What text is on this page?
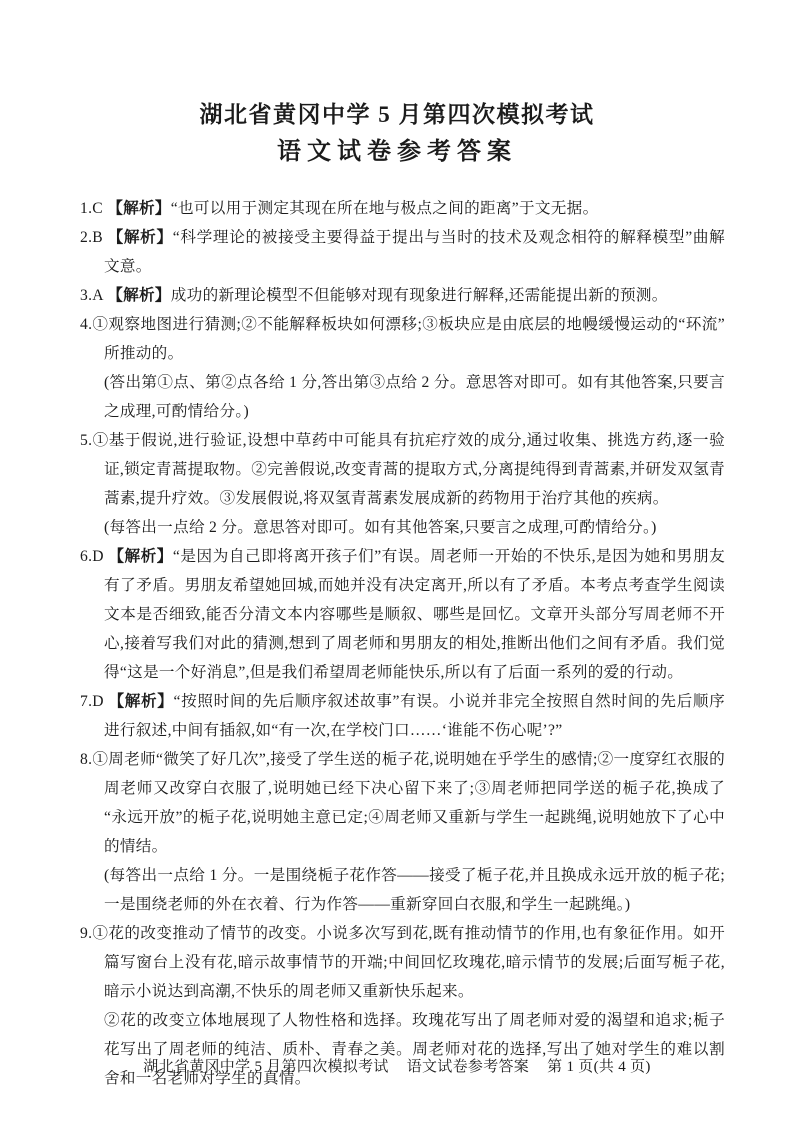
湖北省黄冈中学 5 月第四次模拟考试
语文试卷参考答案

1.C 【解析】“也可以用于测定其现在所在地与极点之间的距离”于文无据。

2.B 【解析】“科学理论的被接受主要得益于提出与当时的技术及观念相符的解释模型”曲解文意。

3.A 【解析】成功的新理论模型不但能够对现有现象进行解释,还需能提出新的预测。

4.①观察地图进行猜测;②不能解释板块如何漂移;③板块应是由底层的地幔缓慢运动的“环流”所推动的。

(答出第①点、第②点各给 1 分,答出第③点给 2 分。意思答对即可。如有其他答案,只要言之成理,可酌情给分。)

5.①基于假说,进行验证,设想中草药中可能具有抗疟疗效的成分,通过收集、挑选方药,逐一验证,锁定青蒿提取物。②完善假说,改变青蒿的提取方式,分离提纯得到青蒿素,并研发双氢青蒿素,提升疗效。③发展假说,将双氢青蒿素发展成新的药物用于治疗其他的疾病。

(每答出一点给 2 分。意思答对即可。如有其他答案,只要言之成理,可酌情给分。)

6.D 【解析】“是因为自己即将离开孩子们”有误。周老师一开始的不快乐,是因为她和男朋友有了矛盾。男朋友希望她回城,而她并没有决定离开,所以有了矛盾。本考点考查学生阅读文本是否细致,能否分清文本内容哪些是顺叙、哪些是回忆。文章开头部分写周老师不开心,接着写我们对此的猜测,想到了周老师和男朋友的相处,推断出他们之间有矛盾。我们觉得“这是一个好消息”,但是我们希望周老师能快乐,所以有了后面一系列的爱的行动。

7.D 【解析】“按照时间的先后顺序叙述故事”有误。小说并非完全按照自然时间的先后顺序进行叙述,中间有插叙,如“有一次,在学校门口……‘谁能不伤心呢’?”

8.①周老师“微笑了好几次”,接受了学生送的栀子花,说明她在乎学生的感情;②一度穿红衣服的周老师又改穿白衣服了,说明她已经下决心留下来了;③周老师把同学送的栀子花,换成了“永远开放”的栀子花,说明她主意已定;④周老师又重新与学生一起跳绳,说明她放下了心中的情结。

(每答出一点给 1 分。一是围绕栀子花作答——接受了栀子花,并且换成永远开放的栀子花;一是围绕老师的外在衣着、行为作答——重新穿回白衣服,和学生一起跳绳。)

9.①花的改变推动了情节的改变。小说多次写到花,既有推动情节的作用,也有象征作用。如开篇写窗台上没有花,暗示故事情节的开端;中间回忆玫瑰花,暗示情节的发展;后面写栀子花,暗示小说达到高潮,不快乐的周老师又重新快乐起来。

②花的改变立体地展现了人物性格和选择。玫瑰花写出了周老师对爱的渴望和追求;栀子花写出了周老师的纯洁、质朴、青春之美。周老师对花的选择,写出了她对学生的难以割舍和一名老师对学生的真情。

湖北省黄冈中学 5 月第四次模拟考试 语文试卷参考答案 第 1 页(共 4 页)
